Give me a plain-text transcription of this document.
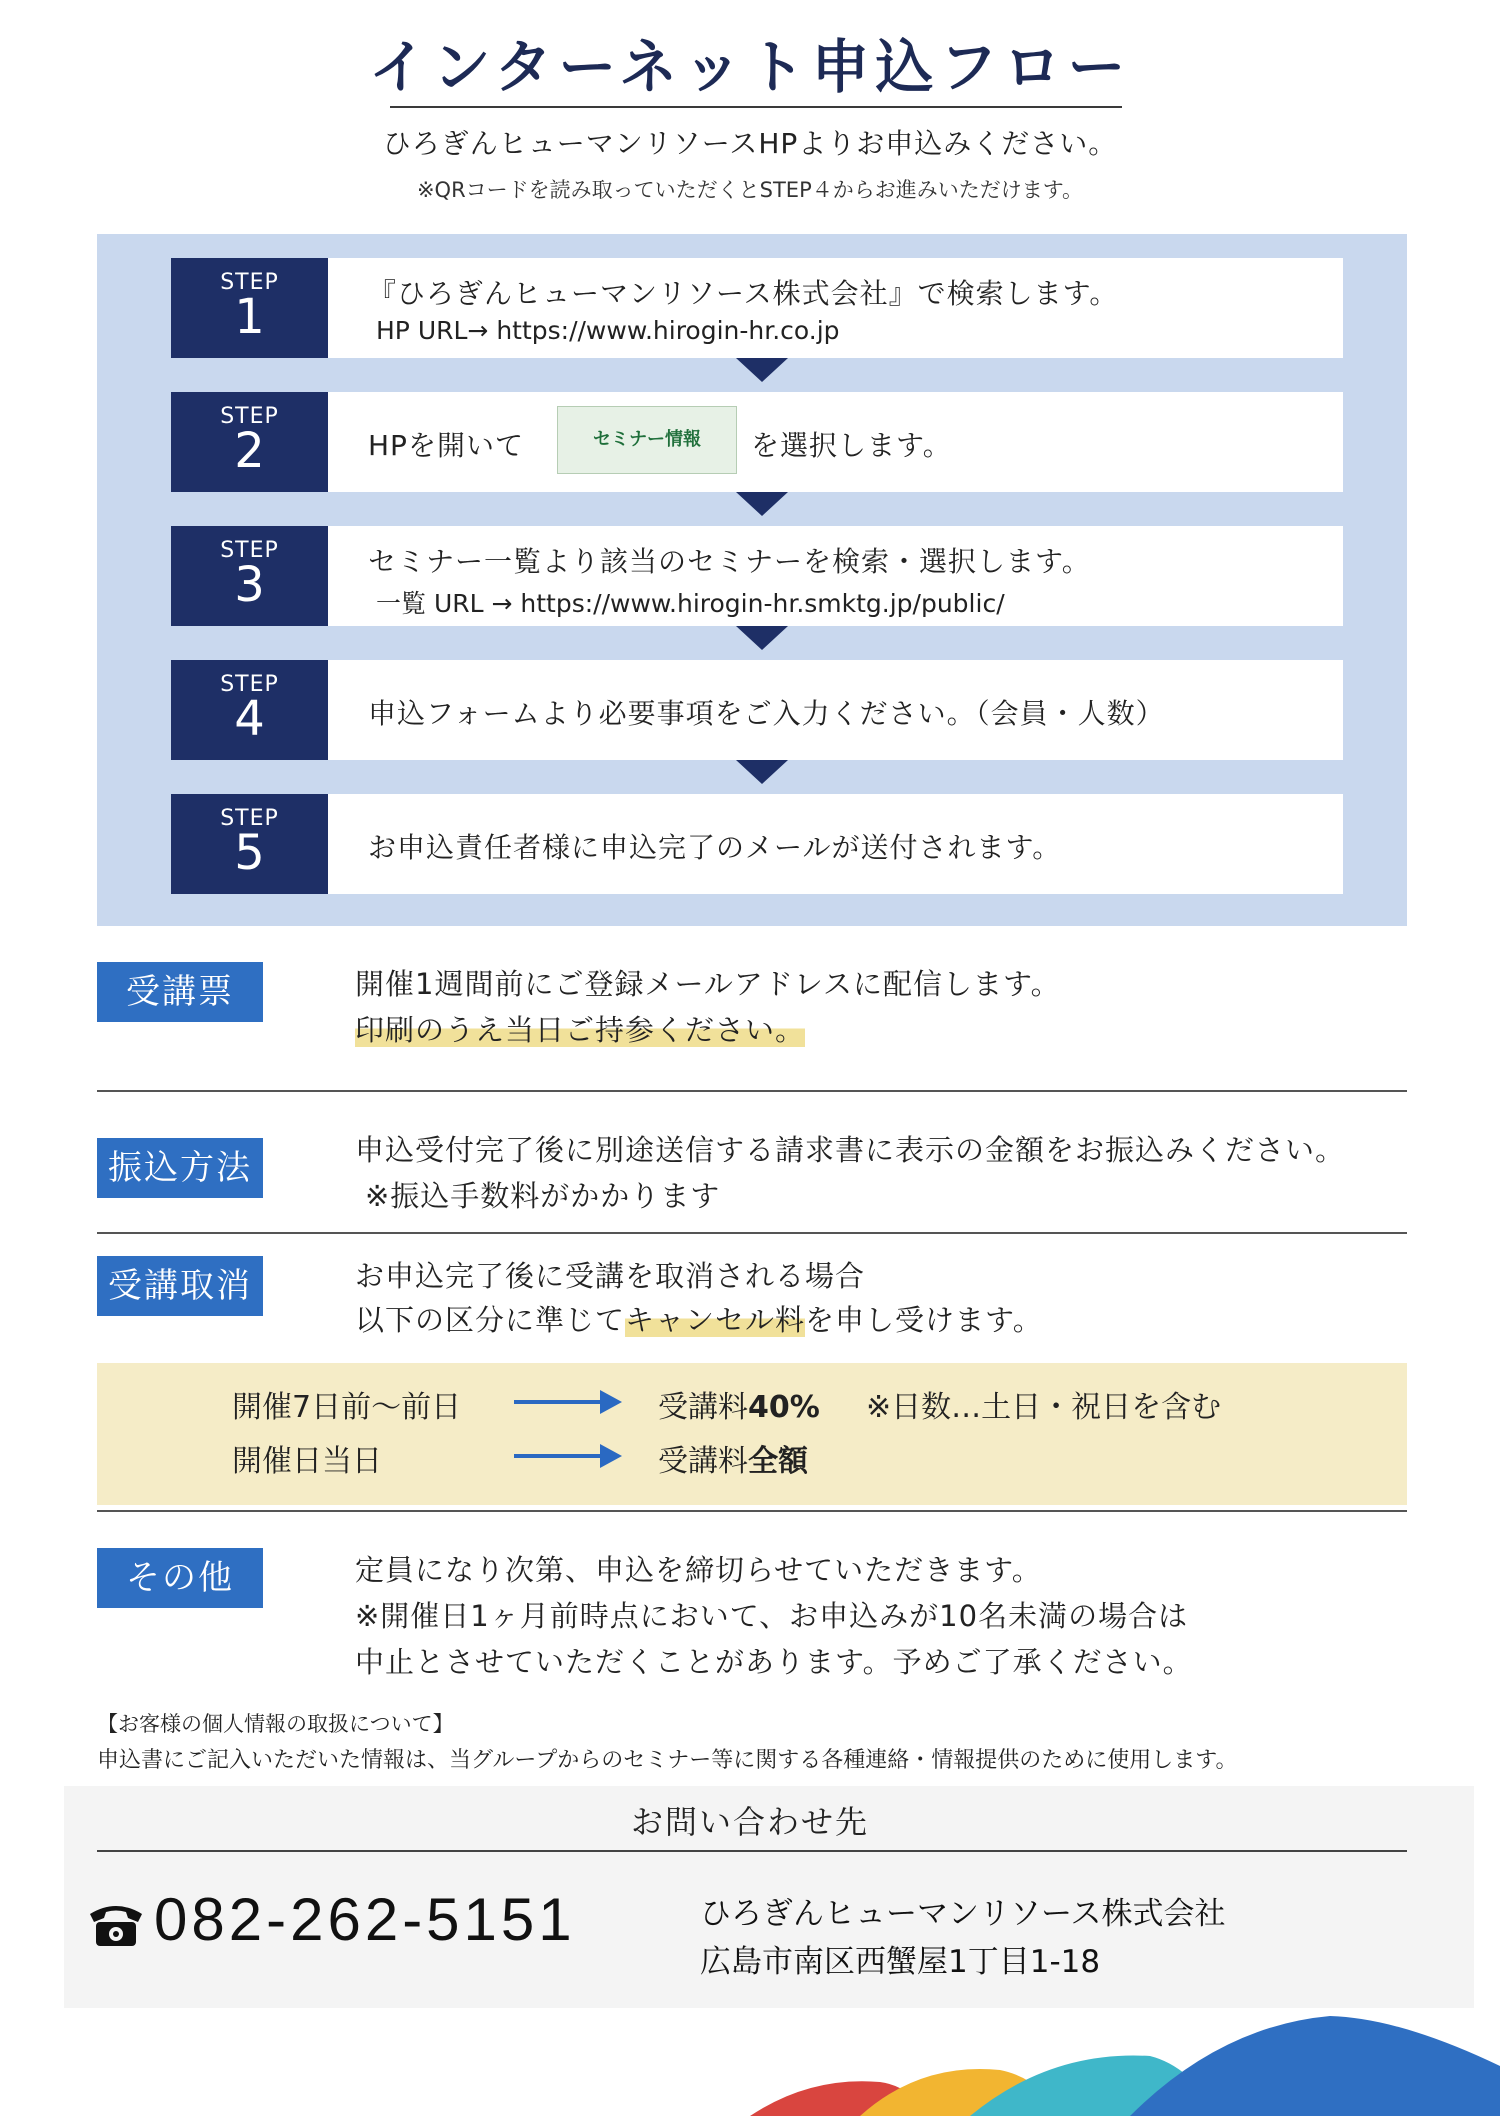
インターネット申込フロー
ひろぎんヒューマンリソースHPよりお申込みください。
※QRコードを読み取っていただくとSTEP４からお進みいただけます。
STEP
1	『ひろぎんヒューマンリソース株式会社』で検索します。
HP URL→ https://www.hirogin-hr.co.jp
STEP
2	HPを開いて	セミナー情報	を選択します。
STEP
3	セミナー一覧より該当のセミナーを検索・選択します。
一覧 URL → https://www.hirogin-hr.smktg.jp/public/
STEP
4	申込フォームより必要事項をご入力ください。（会員・人数）
STEP
5	お申込責任者様に申込完了のメールが送付されます。
受講票	開催1週間前にご登録メールアドレスに配信します。
印刷のうえ当日ご持参ください。
振込方法	申込受付完了後に別途送信する請求書に表示の金額をお振込みください。
※振込手数料がかかります
受講取消	お申込完了後に受講を取消される場合
以下の区分に準じてキャンセル料を申し受けます。
開催7日前～前日	受講料40% ※日数…土日・祝日を含む
開催日当日	受講料全額
その他	定員になり次第、申込を締切らせていただきます。
※開催日1ヶ月前時点において、お申込みが10名未満の場合は
中止とさせていただくことがあります。予めご了承ください。
【お客様の個人情報の取扱について】
申込書にご記入いただいた情報は、当グループからのセミナー等に関する各種連絡・情報提供のために使用します。
お問い合わせ先
082-262-5151	ひろぎんヒューマンリソース株式会社
広島市南区西蟹屋1丁目1-18
